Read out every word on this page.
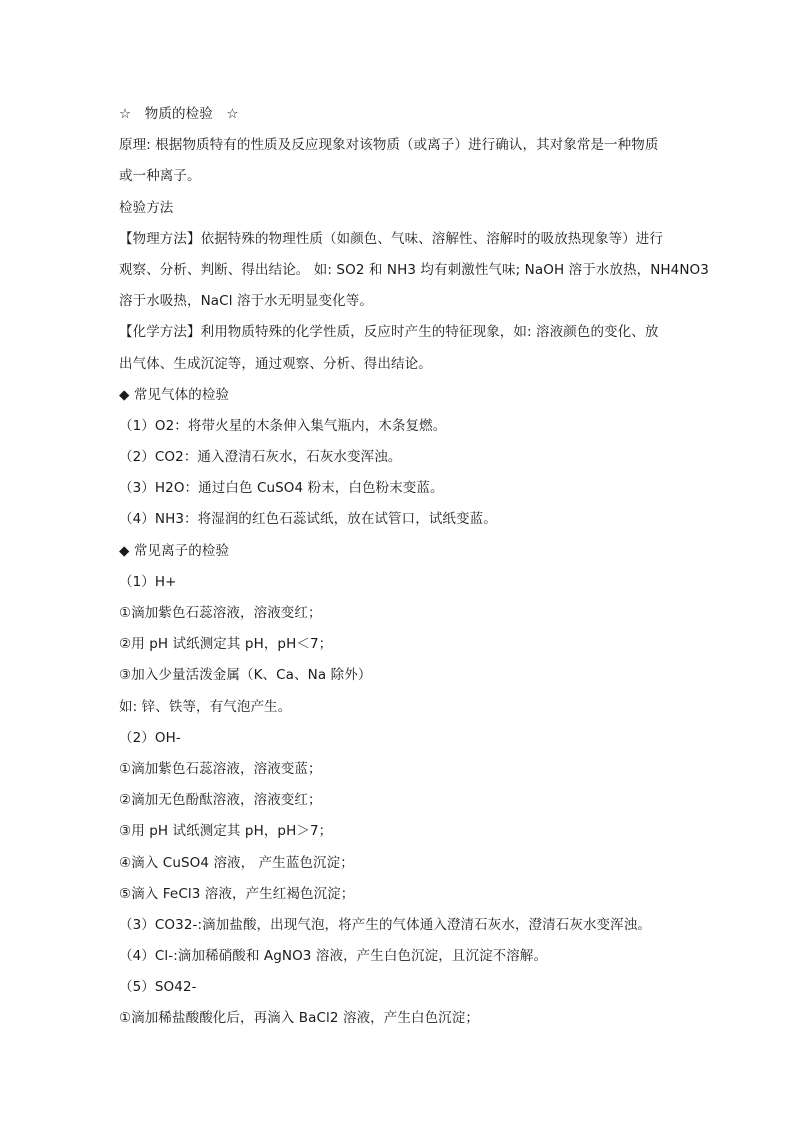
☆　物质的检验　☆
原理: 根据物质特有的性质及反应现象对该物质（或离子）进行确认，其对象常是一种物质
或一种离子。
检验方法
【物理方法】依据特殊的物理性质（如颜色、气味、溶解性、溶解时的吸放热现象等）进行
观察、分析、判断、得出结论。 如: SO2 和 NH3 均有刺激性气味; NaOH 溶于水放热，NH4NO3
溶于水吸热，NaCl 溶于水无明显变化等。
【化学方法】利用物质特殊的化学性质，反应时产生的特征现象，如: 溶液颜色的变化、放
出气体、生成沉淀等，通过观察、分析、得出结论。
◆ 常见气体的检验
（1）O2：将带火星的木条伸入集气瓶内，木条复燃。
（2）CO2：通入澄清石灰水，石灰水变浑浊。
（3）H2O：通过白色 CuSO4 粉末，白色粉末变蓝。
（4）NH3：将湿润的红色石蕊试纸，放在试管口，试纸变蓝。
◆ 常见离子的检验
（1）H+
①滴加紫色石蕊溶液，溶液变红；
②用 pH 试纸测定其 pH，pH＜7；
③加入少量活泼金属（K、Ca、Na 除外）
如: 锌、铁等，有气泡产生。
（2）OH-
①滴加紫色石蕊溶液，溶液变蓝；
②滴加无色酚酞溶液，溶液变红；
③用 pH 试纸测定其 pH，pH＞7；
④滴入 CuSO4 溶液， 产生蓝色沉淀；
⑤滴入 FeCl3 溶液，产生红褐色沉淀；
（3）CO32-:滴加盐酸，出现气泡，将产生的气体通入澄清石灰水，澄清石灰水变浑浊。
（4）Cl-:滴加稀硝酸和 AgNO3 溶液，产生白色沉淀，且沉淀不溶解。
（5）SO42-
①滴加稀盐酸酸化后，再滴入 BaCl2 溶液，产生白色沉淀；
